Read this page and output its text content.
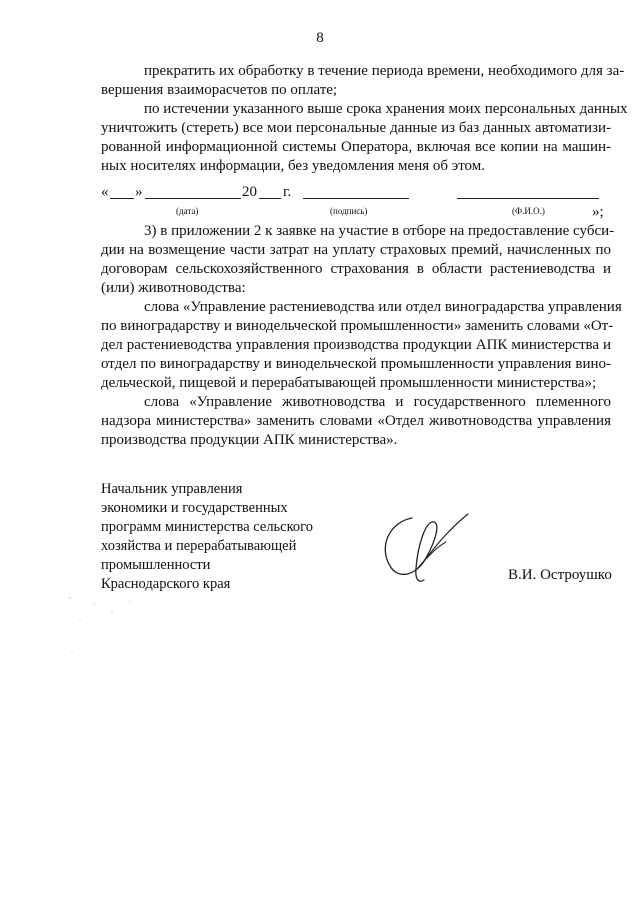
8
прекратить их обработку в течение периода времени, необходимого для за-
вершения взаиморасчетов по оплате;
по истечении указанного выше срока хранения моих персональных данных
уничтожить (стереть) все мои персональные данные из баз данных автоматизи-
рованной информационной системы Оператора, включая все копии на машин-
ных носителях информации, без уведомления меня об этом.
« »	20 г.
(дата)	(подпись)	(Ф.И.О.)	»;
3) в приложении 2 к заявке на участие в отборе на предоставление субси-
дии на возмещение части затрат на уплату страховых премий, начисленных по
договорам сельскохозяйственного страхования в области растениеводства и
(или) животноводства:
слова «Управление растениеводства или отдел виноградарства управления
по виноградарству и винодельческой промышленности» заменить словами «От-
дел растениеводства управления производства продукции АПК министерства и
отдел по виноградарству и винодельческой промышленности управления вино-
дельческой, пищевой и перерабатывающей промышленности министерства»;
слова «Управление животноводства и государственного племенного
надзора министерства» заменить словами «Отдел животноводства управления
производства продукции АПК министерства».
Начальник управления
экономики и государственных
программ министерства сельского
хозяйства и перерабатывающей
промышленности
Краснодарского края
В.И. Остроушко
